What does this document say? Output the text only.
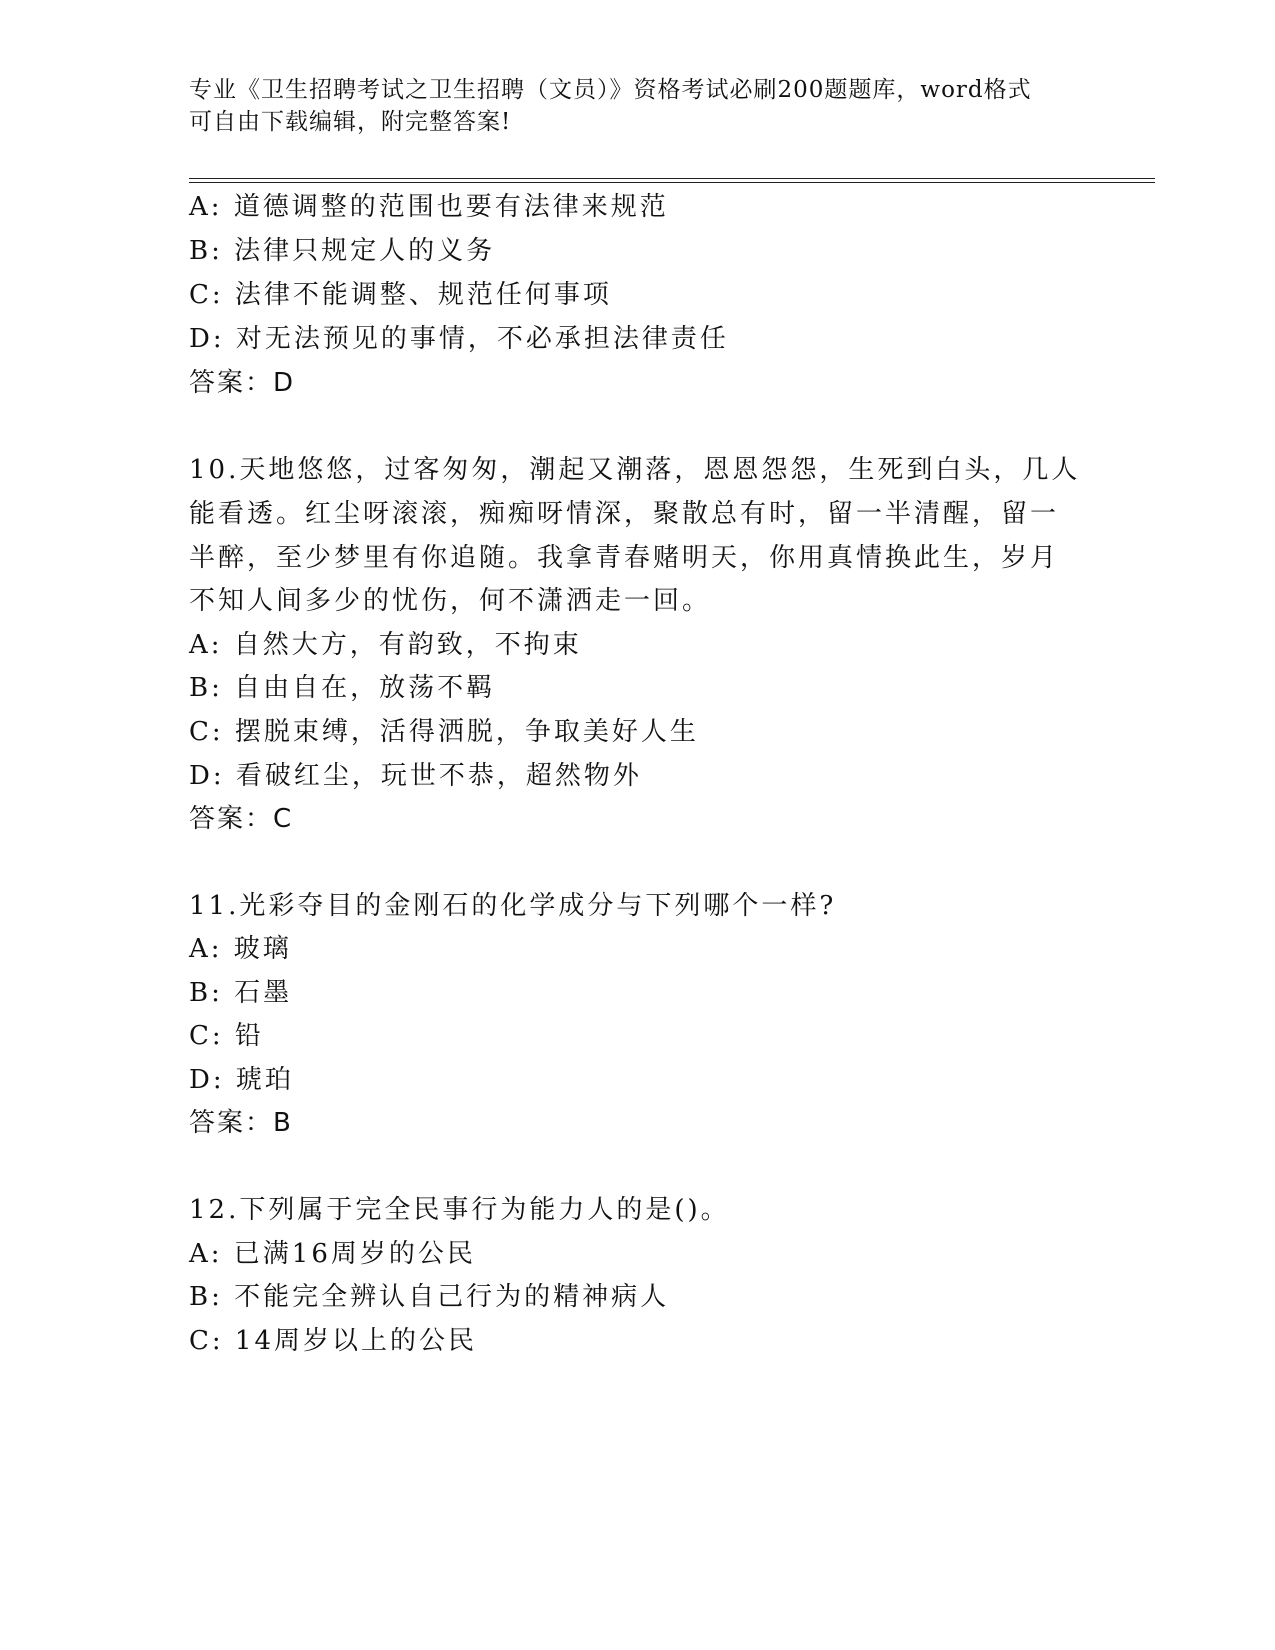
专业《卫生招聘考试之卫生招聘（文员）》资格考试必刷200题题库，word格式
可自由下载编辑，附完整答案!
A: 道德调整的范围也要有法律来规范
B: 法律只规定人的义务
C: 法律不能调整、规范任何事项
D: 对无法预见的事情，不必承担法律责任
答案：D
10.天地悠悠，过客匆匆，潮起又潮落，恩恩怨怨，生死到白头，几人
能看透。红尘呀滚滚，痴痴呀情深，聚散总有时，留一半清醒，留一
半醉，至少梦里有你追随。我拿青春赌明天，你用真情换此生，岁月
不知人间多少的忧伤，何不潇洒走一回。
A: 自然大方，有韵致，不拘束
B: 自由自在，放荡不羁
C: 摆脱束缚，活得洒脱，争取美好人生
D: 看破红尘，玩世不恭，超然物外
答案：C
11.光彩夺目的金刚石的化学成分与下列哪个一样?
A: 玻璃
B: 石墨
C: 铅
D: 琥珀
答案：B
12.下列属于完全民事行为能力人的是()。
A: 已满16周岁的公民
B: 不能完全辨认自己行为的精神病人
C: 14周岁以上的公民
